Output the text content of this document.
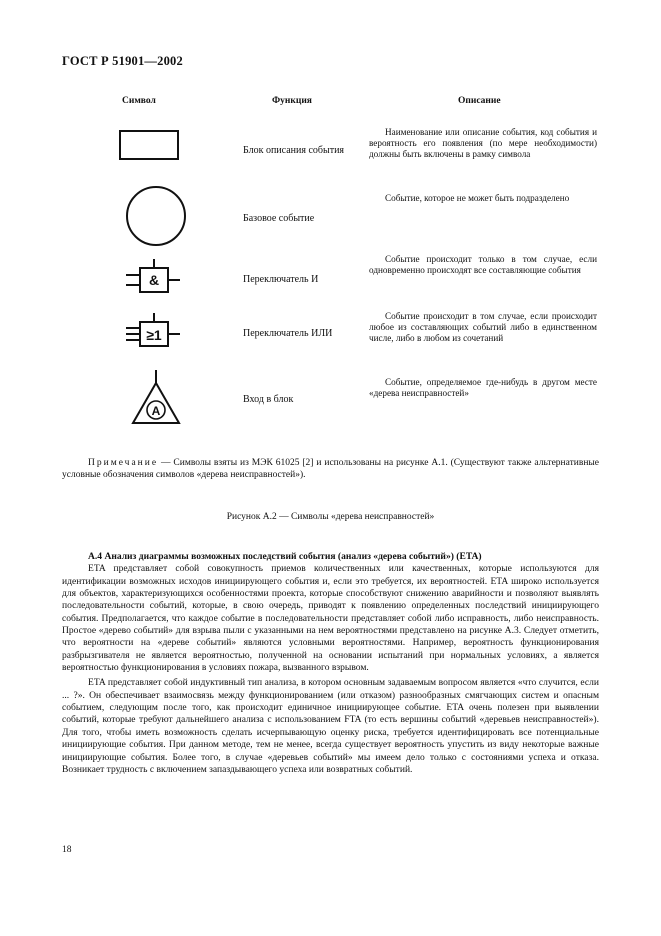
ГОСТ Р 51901—2002
Символ	Функция	Описание
&
≥1
A
Блок описания события
Базовое событие
Переключатель И
Переключатель ИЛИ
Вход в блок
Наименование или описание события, код события и вероятность его появления (по мере необходимости) должны быть включены в рамку символа
Событие, которое не может быть подразделено
Событие происходит только в том случае, если одновременно происходят все составляющие события
Событие происходит в том случае, если происходит любое из составляющих событий либо в единственном числе, либо в любом из сочетаний
Событие, определяемое где-нибудь в другом месте «дерева неисправностей»
Примечание — Символы взяты из МЭК 61025 [2] и использованы на рисунке А.1. (Существуют также альтернативные условные обозначения символов «дерева неисправностей»).
Рисунок А.2 — Символы «дерева неисправностей»

А.4 Анализ диаграммы возможных последствий события (анализ «дерева событий») (ETA)

ETA представляет собой совокупность приемов количественных или качественных, которые используются для идентификации возможных исходов инициирующего события и, если это требуется, их вероятностей. ETA широко используется для объектов, характеризующихся особенностями проекта, которые способствуют снижению аварийности и позволяют выявлять последовательности событий, которые, в свою очередь, приводят к появлению определенных последствий инициирующего события. Предполагается, что каждое событие в последовательности представляет собой либо исправность, либо неисправность. Простое «дерево событий» для взрыва пыли с указанными на нем вероятностями представлено на рисунке А.3. Следует отметить, что вероятности на «дереве событий» являются условными вероятностями. Например, вероятность функционирования разбрызгивателя не является вероятностью, полученной на основании испытаний при нормальных условиях, а является вероятностью функционирования в условиях пожара, вызванного взрывом.

ETA представляет собой индуктивный тип анализа, в котором основным задаваемым вопросом является «что случится, если ... ?». Он обеспечивает взаимосвязь между функционированием (или отказом) разнообразных смягчающих систем и опасным событием, следующим после того, как происходит единичное инициирующее событие. ETA очень полезен при выявлении событий, которые требуют дальнейшего анализа с использованием FTA (то есть вершины событий «деревьев неисправностей»). Для того, чтобы иметь возможность сделать исчерпывающую оценку риска, требуется идентифицировать все потенциальные инициирующие события. При данном методе, тем не менее, всегда существует вероятность упустить из виду некоторые важные инициирующие события. Более того, в случае «деревьев событий» мы имеем дело только с состояниями успеха и отказа. Возникает трудность с включением запаздывающего успеха или возвратных событий.

18
